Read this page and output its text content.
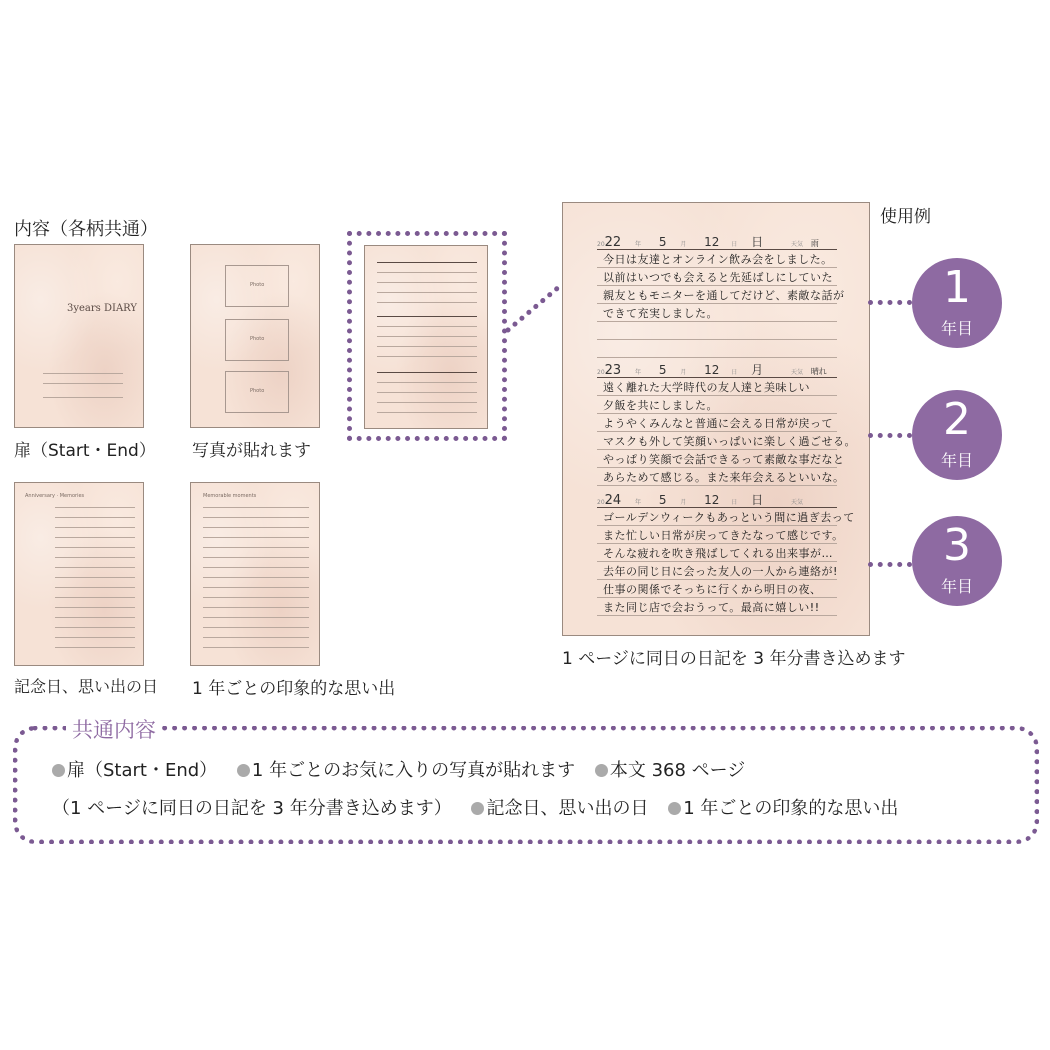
内容（各柄共通）
3years DIARY
扉（Start・End）
Photo
Photo
Photo
写真が貼れます
Anniversary · Memories
記念日、思い出の日
Memorable moments
1 年ごとの印象的な思い出
使用例
2022 年 5 月 12 日 日	天気 雨
今日は友達とオンライン飲み会をしました。
以前はいつでも会えると先延ばしにしていた
親友ともモニターを通してだけど、素敵な話が
できて充実しました。
2023 年 5 月 12 日 月	天気 晴れ
遠く離れた大学時代の友人達と美味しい
夕飯を共にしました。
ようやくみんなと普通に会える日常が戻って
マスクも外して笑顔いっぱいに楽しく過ごせる。
やっぱり笑顔で会話できるって素敵な事だなと
あらためて感じる。また来年会えるといいな。
2024 年 5 月 12 日 日	天気
ゴールデンウィークもあっという間に過ぎ去って
また忙しい日常が戻ってきたなって感じです。
そんな疲れを吹き飛ばしてくれる出来事が…
去年の同じ日に会った友人の一人から連絡が!
仕事の関係でそっちに行くから明日の夜、
また同じ店で会おうって。最高に嬉しい!!
1 ページに同日の日記を 3 年分書き込めます
1
年目
2
年目
3
年目
共通内容
扉（Start・End） 1 年ごとのお気に入りの写真が貼れます 本文 368 ページ
（1 ページに同日の日記を 3 年分書き込めます） 記念日、思い出の日 1 年ごとの印象的な思い出
